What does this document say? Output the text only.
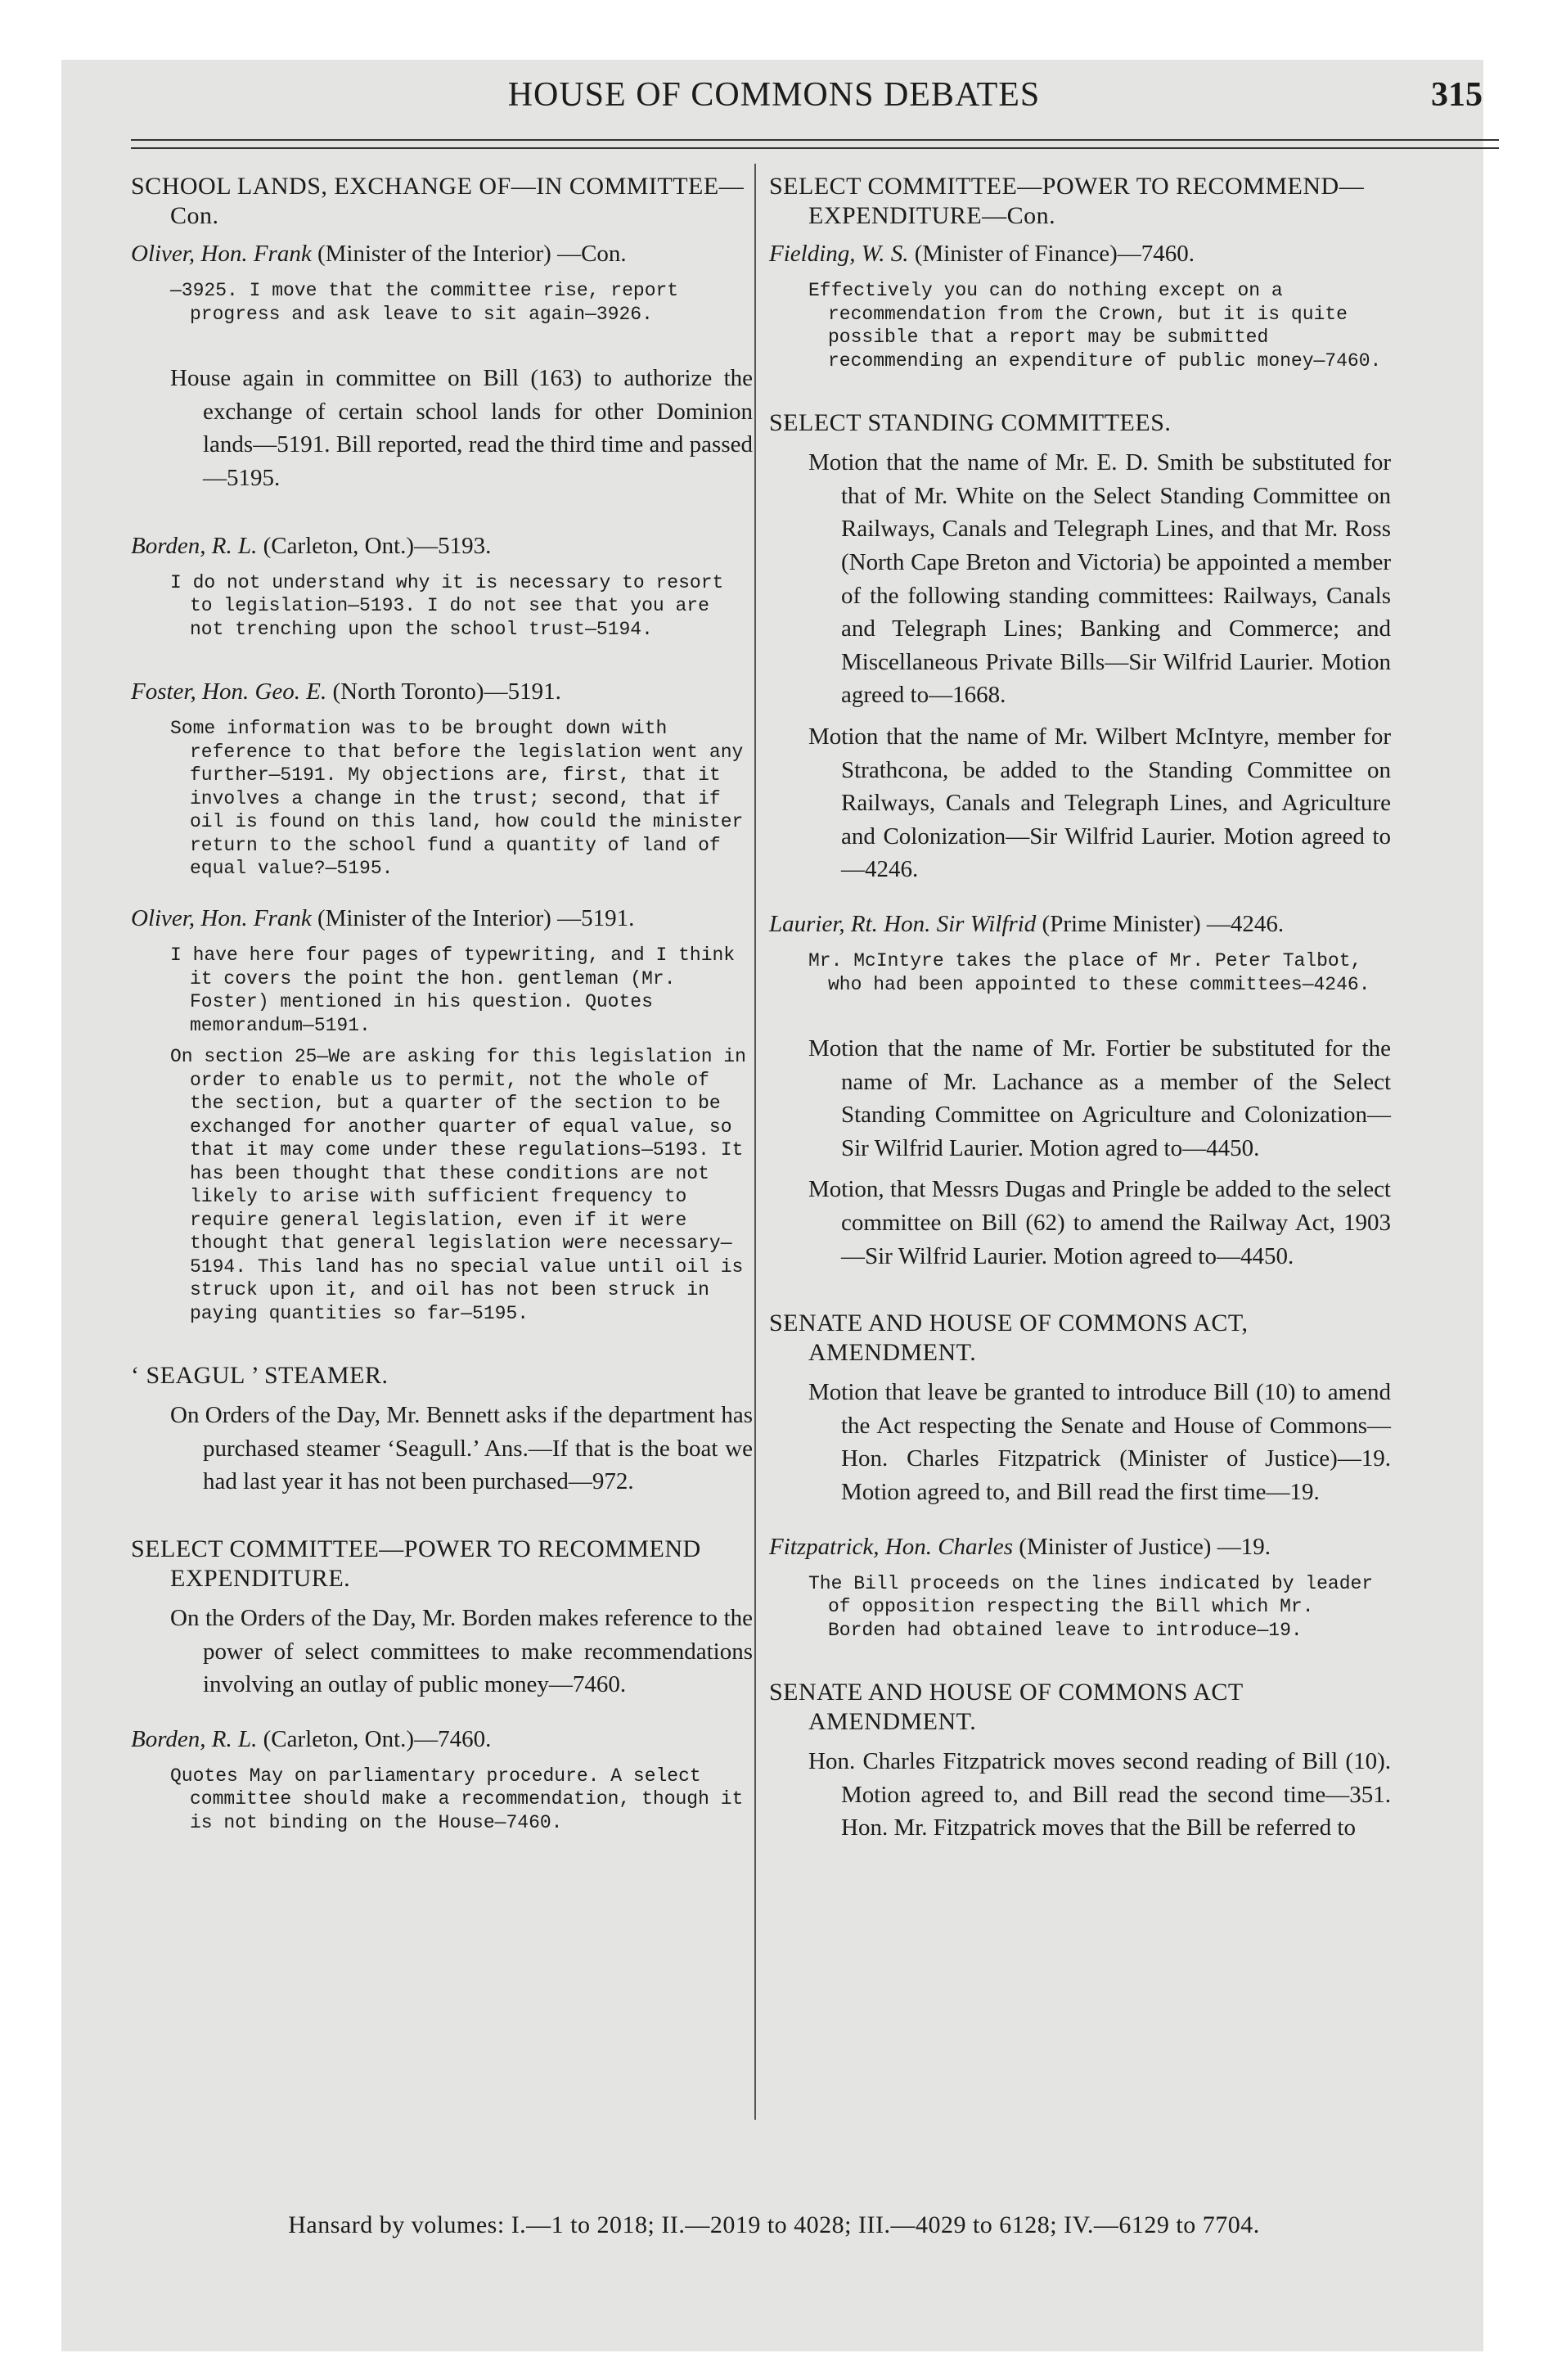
HOUSE OF COMMONS DEBATES	315
SCHOOL LANDS, EXCHANGE OF—IN COMMITTEE—Con.
Oliver, Hon. Frank (Minister of the Interior) —Con.
—3925. I move that the committee rise, report progress and ask leave to sit again—3926.
House again in committee on Bill (163) to authorize the exchange of certain school lands for other Dominion lands—5191. Bill reported, read the third time and passed—5195.
Borden, R. L. (Carleton, Ont.)—5193.
I do not understand why it is necessary to resort to legislation—5193. I do not see that you are not trenching upon the school trust—5194.
Foster, Hon. Geo. E. (North Toronto)—5191.
Some information was to be brought down with reference to that before the legislation went any further—5191. My objections are, first, that it involves a change in the trust; second, that if oil is found on this land, how could the minister return to the school fund a quantity of land of equal value?—5195.
Oliver, Hon. Frank (Minister of the Interior) —5191.
I have here four pages of typewriting, and I think it covers the point the hon. gentleman (Mr. Foster) mentioned in his question. Quotes memorandum—5191.
On section 25—We are asking for this legislation in order to enable us to permit, not the whole of the section, but a quarter of the section to be exchanged for another quarter of equal value, so that it may come under these regulations—5193. It has been thought that these conditions are not likely to arise with sufficient frequency to require general legislation, even if it were thought that general legislation were necessary—5194. This land has no special value until oil is struck upon it, and oil has not been struck in paying quantities so far—5195.
‘ SEAGUL ’ STEAMER.
On Orders of the Day, Mr. Bennett asks if the department has purchased steamer ‘Seagull.’ Ans.—If that is the boat we had last year it has not been purchased—972.
SELECT COMMITTEE—POWER TO RECOMMEND EXPENDITURE.
On the Orders of the Day, Mr. Borden makes reference to the power of select committees to make recommendations involving an outlay of public money—7460.
Borden, R. L. (Carleton, Ont.)—7460.
Quotes May on parliamentary procedure. A select committee should make a recommendation, though it is not binding on the House—7460.
SELECT COMMITTEE—POWER TO RECOMMEND—EXPENDITURE—Con.
Fielding, W. S. (Minister of Finance)—7460.
Effectively you can do nothing except on a recommendation from the Crown, but it is quite possible that a report may be submitted recommending an expenditure of public money—7460.
SELECT STANDING COMMITTEES.
Motion that the name of Mr. E. D. Smith be substituted for that of Mr. White on the Select Standing Committee on Railways, Canals and Telegraph Lines, and that Mr. Ross (North Cape Breton and Victoria) be appointed a member of the following standing committees: Railways, Canals and Telegraph Lines; Banking and Commerce; and Miscellaneous Private Bills—Sir Wilfrid Laurier. Motion agreed to—1668.
Motion that the name of Mr. Wilbert McIntyre, member for Strathcona, be added to the Standing Committee on Railways, Canals and Telegraph Lines, and Agriculture and Colonization—Sir Wilfrid Laurier. Motion agreed to—4246.
Laurier, Rt. Hon. Sir Wilfrid (Prime Minister) —4246.
Mr. McIntyre takes the place of Mr. Peter Talbot, who had been appointed to these committees—4246.
Motion that the name of Mr. Fortier be substituted for the name of Mr. Lachance as a member of the Select Standing Committee on Agriculture and Colonization—Sir Wilfrid Laurier. Motion agred to—4450.
Motion, that Messrs Dugas and Pringle be added to the select committee on Bill (62) to amend the Railway Act, 1903—Sir Wilfrid Laurier. Motion agreed to—4450.
SENATE AND HOUSE OF COMMONS ACT, AMENDMENT.
Motion that leave be granted to introduce Bill (10) to amend the Act respecting the Senate and House of Commons—Hon. Charles Fitzpatrick (Minister of Justice)—19. Motion agreed to, and Bill read the first time—19.
Fitzpatrick, Hon. Charles (Minister of Justice) —19.
The Bill proceeds on the lines indicated by leader of opposition respecting the Bill which Mr. Borden had obtained leave to introduce—19.
SENATE AND HOUSE OF COMMONS ACT AMENDMENT.
Hon. Charles Fitzpatrick moves second reading of Bill (10). Motion agreed to, and Bill read the second time—351. Hon. Mr. Fitzpatrick moves that the Bill be referred to
Hansard by volumes: I.—1 to 2018; II.—2019 to 4028; III.—4029 to 6128; IV.—6129 to 7704.
